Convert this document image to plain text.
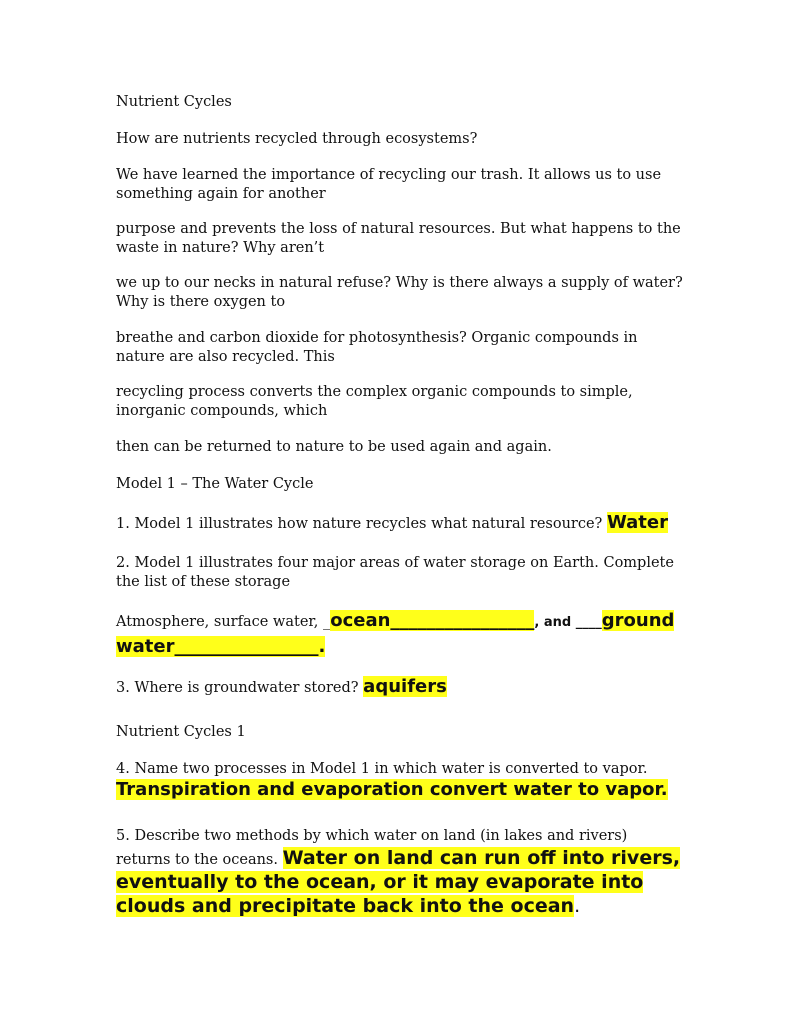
Nutrient Cycles

How are nutrients recycled through ecosystems?

We have learned the importance of recycling our trash. It allows us to use something again for another

purpose and prevents the loss of natural resources. But what happens to the waste in nature? Why aren’t

we up to our necks in natural refuse? Why is there always a supply of water? Why is there oxygen to

breathe and carbon dioxide for photosynthesis? Organic compounds in nature are also recycled. This

recycling process converts the complex organic compounds to simple, inorganic compounds, which

then can be returned to nature to be used again and again.

Model 1 – The Water Cycle

1. Model 1 illustrates how nature recycles what natural resource? Water

2. Model 1 illustrates four major areas of water storage on Earth. Complete the list of these storage

Atmosphere, surface water, _ocean________________, and ____ground
water________________.

3. Where is groundwater stored? aquifers

Nutrient Cycles 1

4. Name two processes in Model 1 in which water is converted to vapor.

Transpiration and evaporation convert water to vapor.

5. Describe two methods by which water on land (in lakes and rivers) returns to the oceans. Water on land can run off into rivers, eventually to the ocean, or it may evaporate into clouds and precipitate back into the ocean.
